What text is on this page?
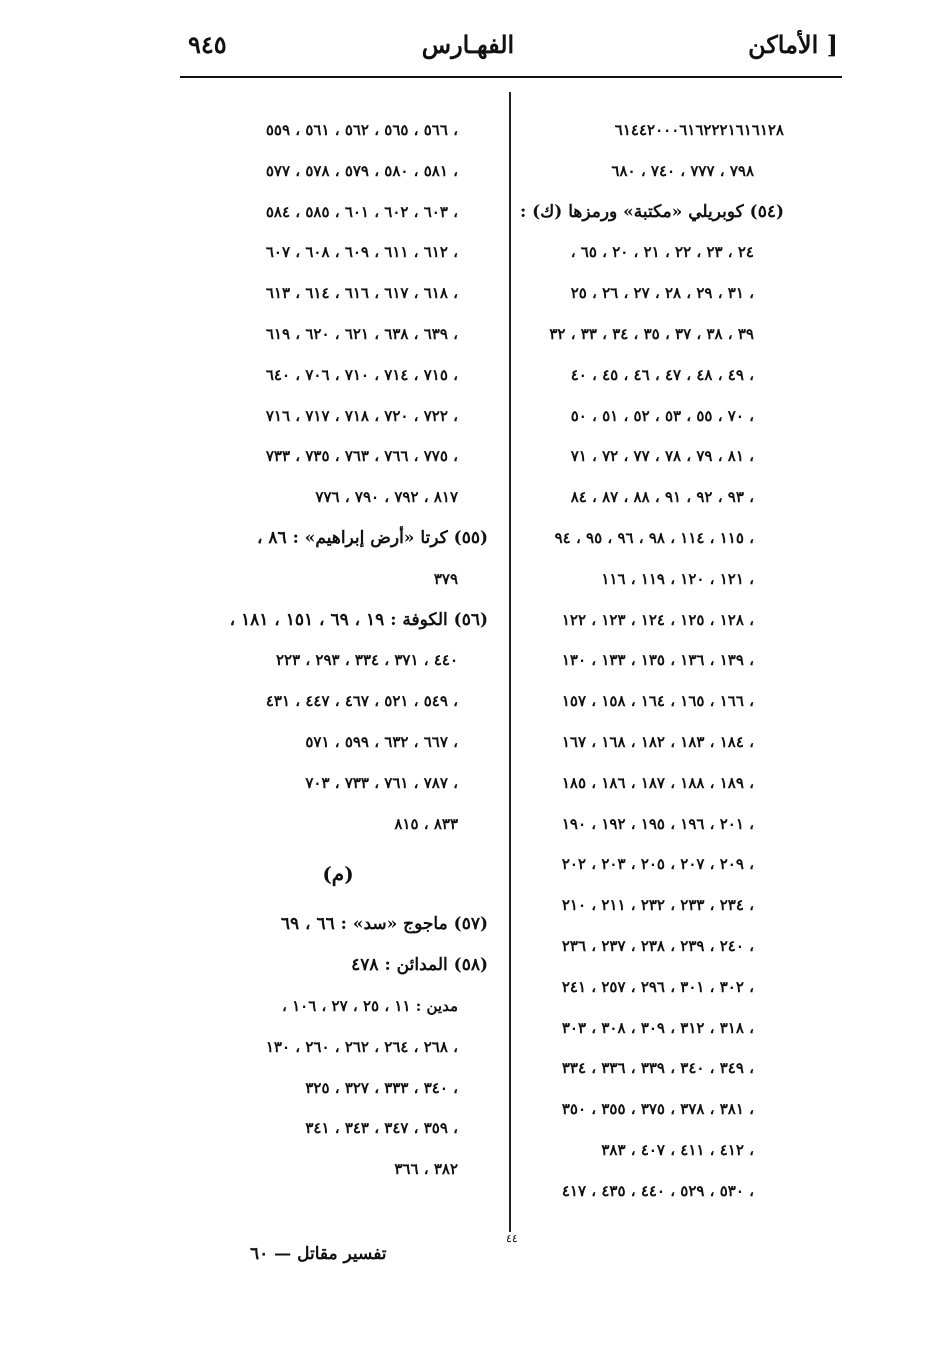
الأماكن ]
الفهـارس
٩٤٥
٦١٤٤٢٠٠٠٦١٦٢٢٢١٦١٦١٢٨
٧٩٨ ، ٧٧٧ ، ٧٤٠ ، ٦٨٠
(٥٤) كوبريلي «مكتبة» ورمزها (ك) :
٢٤ ، ٢٣ ، ٢٢ ، ٢١ ، ٢٠ ، ٦٥ ،
، ٣١ ، ٢٩ ، ٢٨ ، ٢٧ ، ٢٦ ، ٢٥
٣٩ ، ٣٨ ، ٣٧ ، ٣٥ ، ٣٤ ، ٣٣ ، ٣٢
، ٤٩ ، ٤٨ ، ٤٧ ، ٤٦ ، ٤٥ ، ٤٠
، ٧٠ ، ٥٥ ، ٥٣ ، ٥٢ ، ٥١ ، ٥٠
، ٨١ ، ٧٩ ، ٧٨ ، ٧٧ ، ٧٢ ، ٧١
، ٩٣ ، ٩٢ ، ٩١ ، ٨٨ ، ٨٧ ، ٨٤
، ١١٥ ، ١١٤ ، ٩٨ ، ٩٦ ، ٩٥ ، ٩٤
، ١٢١ ، ١٢٠ ، ١١٩ ، ١١٦
، ١٢٨ ، ١٢٥ ، ١٢٤ ، ١٢٣ ، ١٢٢
، ١٣٩ ، ١٣٦ ، ١٣٥ ، ١٣٣ ، ١٣٠
، ١٦٦ ، ١٦٥ ، ١٦٤ ، ١٥٨ ، ١٥٧
، ١٨٤ ، ١٨٣ ، ١٨٢ ، ١٦٨ ، ١٦٧
، ١٨٩ ، ١٨٨ ، ١٨٧ ، ١٨٦ ، ١٨٥
، ٢٠١ ، ١٩٦ ، ١٩٥ ، ١٩٢ ، ١٩٠
، ٢٠٩ ، ٢٠٧ ، ٢٠٥ ، ٢٠٣ ، ٢٠٢
، ٢٣٤ ، ٢٣٣ ، ٢٣٢ ، ٢١١ ، ٢١٠
، ٢٤٠ ، ٢٣٩ ، ٢٣٨ ، ٢٣٧ ، ٢٣٦
، ٣٠٢ ، ٣٠١ ، ٢٩٦ ، ٢٥٧ ، ٢٤١
، ٣١٨ ، ٣١٢ ، ٣٠٩ ، ٣٠٨ ، ٣٠٣
، ٣٤٩ ، ٣٤٠ ، ٣٣٩ ، ٣٣٦ ، ٣٣٤
، ٣٨١ ، ٣٧٨ ، ٣٧٥ ، ٣٥٥ ، ٣٥٠
، ٤١٢ ، ٤١١ ، ٤٠٧ ، ٣٨٣
، ٥٣٠ ، ٥٢٩ ، ٤٤٠ ، ٤٣٥ ، ٤١٧
، ٥٦٦ ، ٥٦٥ ، ٥٦٢ ، ٥٦١ ، ٥٥٩
، ٥٨١ ، ٥٨٠ ، ٥٧٩ ، ٥٧٨ ، ٥٧٧
، ٦٠٣ ، ٦٠٢ ، ٦٠١ ، ٥٨٥ ، ٥٨٤
، ٦١٢ ، ٦١١ ، ٦٠٩ ، ٦٠٨ ، ٦٠٧
، ٦١٨ ، ٦١٧ ، ٦١٦ ، ٦١٤ ، ٦١٣
، ٦٣٩ ، ٦٣٨ ، ٦٢١ ، ٦٢٠ ، ٦١٩
، ٧١٥ ، ٧١٤ ، ٧١٠ ، ٧٠٦ ، ٦٤٠
، ٧٢٢ ، ٧٢٠ ، ٧١٨ ، ٧١٧ ، ٧١٦
، ٧٧٥ ، ٧٦٦ ، ٧٦٣ ، ٧٣٥ ، ٧٣٣
٨١٧ ، ٧٩٢ ، ٧٩٠ ، ٧٧٦
(٥٥) كرتا «أرض إبراهيم» : ٨٦ ،
٣٧٩
(٥٦) الكوفة : ١٩ ، ٦٩ ، ١٥١ ، ١٨١ ،
٤٤٠ ، ٣٧١ ، ٣٣٤ ، ٢٩٣ ، ٢٢٣
، ٥٤٩ ، ٥٢١ ، ٤٦٧ ، ٤٤٧ ، ٤٣١
، ٦٦٧ ، ٦٣٢ ، ٥٩٩ ، ٥٧١
، ٧٨٧ ، ٧٦١ ، ٧٣٣ ، ٧٠٣
٨٣٣ ، ٨١٥
(م)
(٥٧) ماجوج «سد» : ٦٦ ، ٦٩
(٥٨) المدائن : ٤٧٨
مدين : ١١ ، ٢٥ ، ٢٧ ، ١٠٦ ،
، ٢٦٨ ، ٢٦٤ ، ٢٦٢ ، ٢٦٠ ، ١٣٠
، ٣٤٠ ، ٣٣٣ ، ٣٢٧ ، ٣٢٥
، ٣٥٩ ، ٣٤٧ ، ٣٤٣ ، ٣٤١
٣٨٢ ، ٣٦٦
٤٤
تفسير مقاتل — ٦٠
